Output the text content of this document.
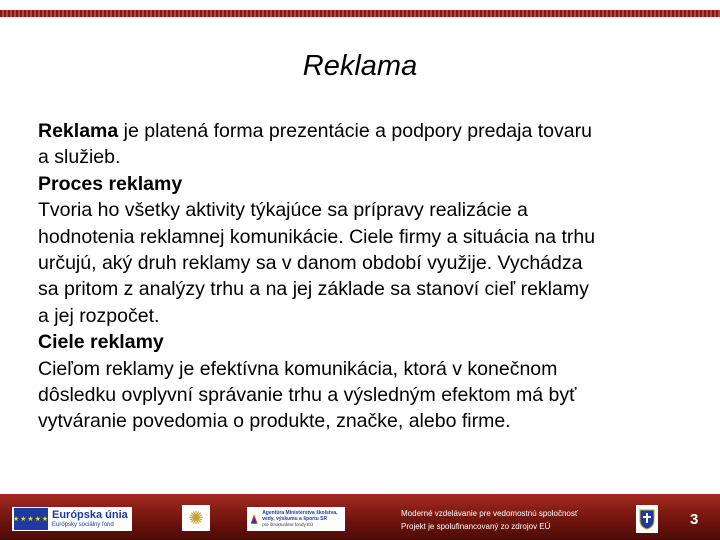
Reklama
Reklama je platená forma prezentácie a podpory predaja tovaru
a služieb.
Proces reklamy
Tvoria ho všetky aktivity týkajúce sa prípravy realizácie a
hodnotenia reklamnej komunikácie. Ciele firmy a situácia na trhu
určujú, aký druh reklamy sa v danom období využije. Vychádza
sa pritom z analýzy trhu a na jej základe sa stanoví cieľ reklamy
a jej rozpočet.
Ciele reklamy
Cieľom reklamy je efektívna komunikácia, ktorá v konečnom
dôsledku ovplyvní správanie trhu a výsledným efektom má byť
vytváranie povedomia o produkte, značke, alebo firme.
★★★★★ Európska únia
Európsky sociálny fond	✺	Agentúra Ministerstva školstva, vedy, výskumu a športu SR
pre štrukturálne fondy EÚ
Moderné vzdelávanie pre vedomostnú spoločnosť
Projekt je spolufinancovaný zo zdrojov EÚ	3
